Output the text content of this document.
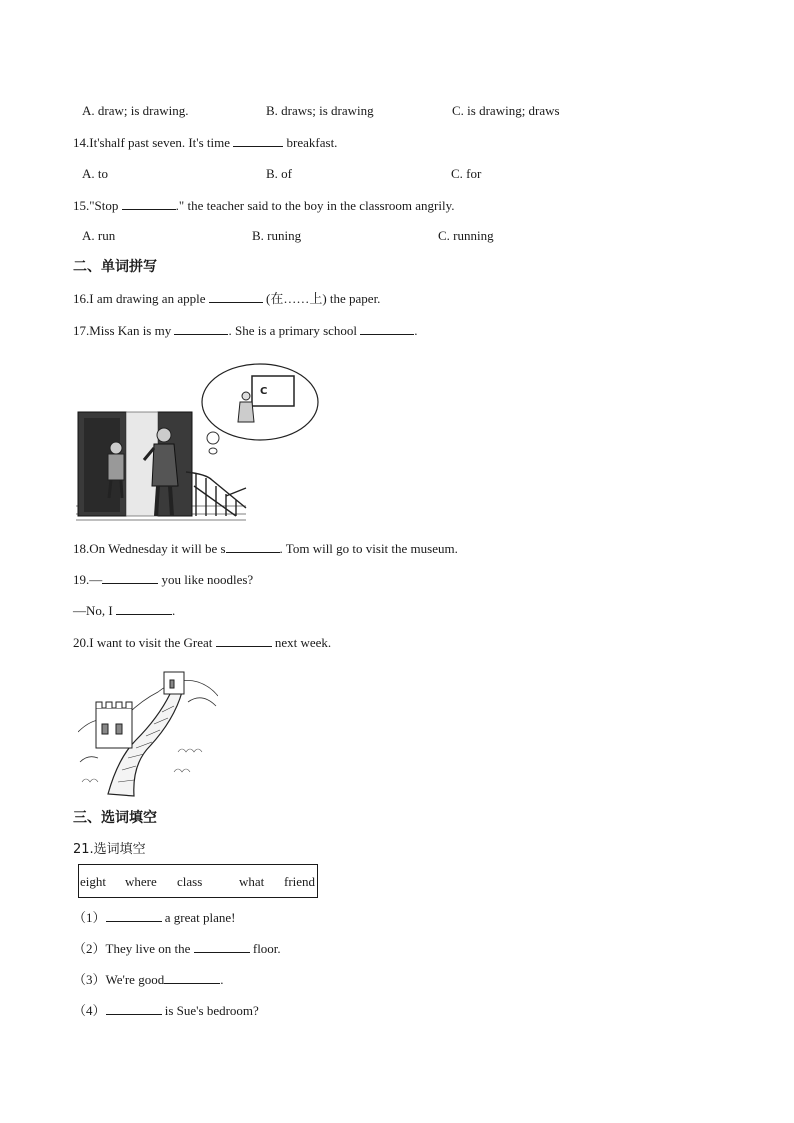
A. draw; is drawing.	B. draws; is drawing	C. is drawing; draws
14.It'shalf past seven. It's time	breakfast.
A. to	B. of	C. for
15."Stop	." the teacher said to the boy in the classroom angrily.
A. run	B. runing	C. running
二、单词拼写
16.I am drawing an apple	(在……上) the paper.
17.Miss Kan is my	. She is a primary school	.
C
18.On Wednesday it will be s	. Tom will go to visit the museum.
19.—	you like noodles?
—No, I	.
20.I want to visit the Great	next week.
三、选词填空
21.选词填空
eight where class	what friend
（1）	a great plane!
（2）They live on the	floor.
（3）We're good	.
（4）	is Sue's bedroom?
